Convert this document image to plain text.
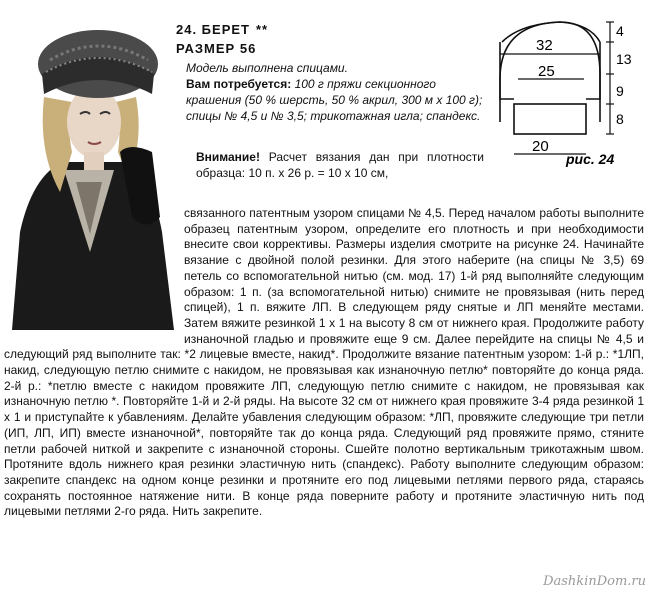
24. БЕРЕТ **
РАЗМЕР 56
Модель выполнена спицами.
Вам потребуется: 100 г пряжи секционного крашения (50 % шерсть, 50 % акрил, 300 м х 100 г); спицы № 4,5 и № 3,5; трикотажная игла; спандекс.
4
13
9
8
32
25
20
рис. 24
Внимание! Расчет вязания дан при плотности образца: 10 п. x 26 р. = 10 x 10 см,
связанного патентным узором спицами № 4,5. Перед началом работы выполните образец патентным узором, определите его плотность и при необходимости внесите свои коррективы. Размеры изделия смотрите на рисунке 24. Начинайте вязание с двойной полой резинки. Для этого наберите (на спицы № 3,5) 69 петель со вспомогательной нитью (см. мод. 17) 1-й ряд выполняйте следующим образом: 1 п. (за вспомогательной нитью) снимите не провязывая (нить перед спицей), 1 п. вяжите ЛП. В следующем ряду снятые и ЛП меняйте местами. Затем вяжите резинкой 1 х 1 на высоту 8 см от нижнего края. Продолжите работу изнаночной гладью и провяжите еще 9 см. Далее перейдите на спицы № 4,5 и следующий ряд выполните так: *2 лицевые вместе, накид*. Продолжите вязание патентным узором: 1-й р.: *1ЛП, накид, следующую петлю снимите с накидом, не провязывая как изнаночную петлю* повторяйте до конца ряда. 2-й р.: *петлю вместе с накидом провяжите ЛП, следующую петлю снимите с накидом, не провязывая как изнаночную петлю *. Повторяйте 1-й и 2-й ряды. На высоте 32 см от нижнего края провяжите 3-4 ряда резинкой 1 х 1 и приступайте к убавлениям. Делайте убавления следующим образом: *ЛП, провяжите следующие три петли (ИП, ЛП, ИП) вместе изнаночной*, повторяйте так до конца ряда. Следующий ряд провяжите прямо, стяните петли рабочей ниткой и закрепите с изнаночной стороны. Сшейте полотно вертикальным трикотажным швом. Протяните вдоль нижнего края резинки эластичную нить (спандекс). Работу выполните следующим образом: закрепите спандекс на одном конце резинки и протяните его под лицевыми петлями первого ряда, стараясь сохранять постоянное натяжение нити. В конце ряда поверните работу и протяните эластичную нить под лицевыми петлями 2-го ряда. Нить закрепите.
DashkinDom.ru
